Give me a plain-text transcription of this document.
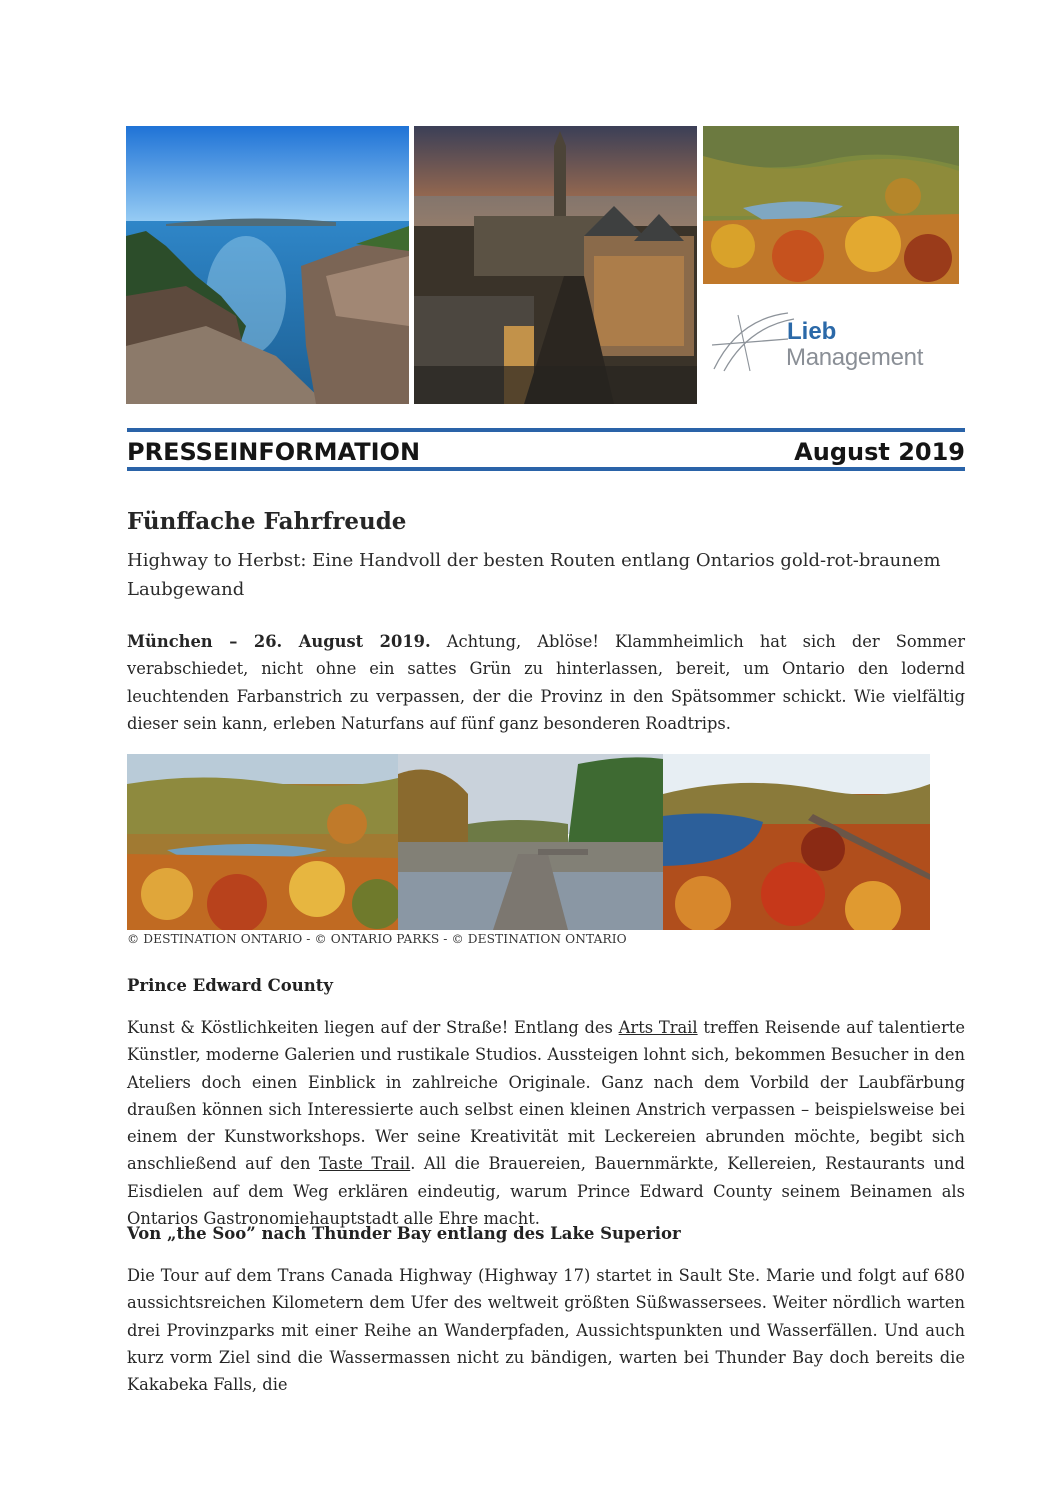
Lieb
Management
PRESSEINFORMATION	August 2019
Fünffache Fahrfreude
Highway to Herbst: Eine Handvoll der besten Routen entlang Ontarios gold-rot-braunem Laubgewand
München – 26. August 2019. Achtung, Ablöse! Klammheimlich hat sich der Sommer verabschiedet, nicht ohne ein sattes Grün zu hinterlassen, bereit, um Ontario den lodernd leuchtenden Farbanstrich zu verpassen, der die Provinz in den Spätsommer schickt. Wie vielfältig dieser sein kann, erleben Naturfans auf fünf ganz besonderen Roadtrips.
© DESTINATION ONTARIO - © ONTARIO PARKS - © DESTINATION ONTARIO
Prince Edward County
Kunst & Köstlichkeiten liegen auf der Straße! Entlang des Arts Trail treffen Reisende auf talentierte Künstler, moderne Galerien und rustikale Studios. Aussteigen lohnt sich, bekommen Besucher in den Ateliers doch einen Einblick in zahlreiche Originale. Ganz nach dem Vorbild der Laubfärbung draußen können sich Interessierte auch selbst einen kleinen Anstrich verpassen – beispielsweise bei einem der Kunstworkshops. Wer seine Kreativität mit Leckereien abrunden möchte, begibt sich anschließend auf den Taste Trail. All die Brauereien, Bauernmärkte, Kellereien, Restaurants und Eisdielen auf dem Weg erklären eindeutig, warum Prince Edward County seinem Beinamen als Ontarios Gastronomiehauptstadt alle Ehre macht.
Von „the Soo” nach Thunder Bay entlang des Lake Superior
Die Tour auf dem Trans Canada Highway (Highway 17) startet in Sault Ste. Marie und folgt auf 680 aussichtsreichen Kilometern dem Ufer des weltweit größten Süßwassersees. Weiter nördlich warten drei Provinzparks mit einer Reihe an Wanderpfaden, Aussichtspunkten und Wasserfällen. Und auch kurz vorm Ziel sind die Wassermassen nicht zu bändigen, warten bei Thunder Bay doch bereits die Kakabeka Falls, die
